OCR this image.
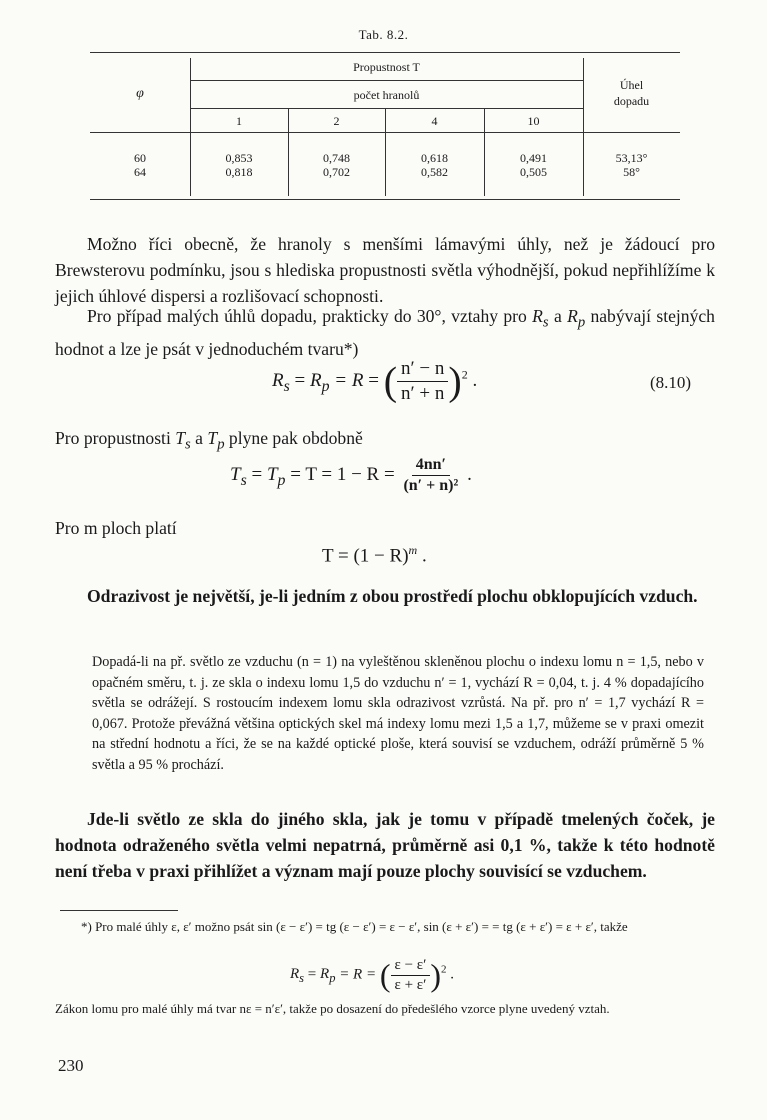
Tab. 8.2.
φ
Propustnost T
počet hranolů
Úhel
dopadu
1	2	4	10
60	0,853	0,748	0,618	0,491	53,13°
64	0,818	0,702	0,582	0,505	58°
Možno říci obecně, že hranoly s menšími lámavými úhly, než je žádoucí pro Brewsterovu podmínku, jsou s hlediska propustnosti světla výhodnější, pokud nepřihlížíme k jejich úhlové dispersi a rozlišovací schopnosti.
Pro případ malých úhlů dopadu, prakticky do 30°, vztahy pro $R_s$ a $R_p$ nabývají stejných hodnot a lze je psát v jednoduchém tvaru*)
$R_s = R_p = R$ = ( $\frac{n' - n}{n' + n} )^2$ .	(8.10)
Pro propustnosti $T_s$ a $T_p$ plyne pak obdobně
$T_s = T_p = T = 1 - R = \frac{4nn'}{\text{(n′ + n)²}}$ .
Pro m ploch platí
$T = (1 - R)^m$ .
Odrazivost je největší, je-li jedním z obou prostředí plochu obklopujících vzduch.
Dopadá-li na př. světlo ze vzduchu (n = 1) na vyleštěnou skleněnou plochu o indexu lomu n = 1,5, nebo v opačném směru, t. j. ze skla o indexu lomu 1,5 do vzduchu n′ = 1, vychází R = 0,04, t. j. 4 % dopadajícího světla se odrážejí. S rostoucím indexem lomu skla odrazivost vzrůstá. Na př. pro n′ = 1,7 vychází R = 0,067. Protože převážná většina optických skel má indexy lomu mezi 1,5 a 1,7, můžeme se v praxi omezit na střední hodnotu a říci, že se na každé optické ploše, která souvisí se vzduchem, odráží průměrně 5 % světla a 95 % prochází.
Jde-li světlo ze skla do jiného skla, jak je tomu v případě tmelených čoček, je hodnota odraženého světla velmi nepatrná, průměrně asi 0,1 %, takže k této hodnotě není třeba v praxi přihlížet a význam mají pouze plochy souvisící se vzduchem.
*) Pro malé úhly ε, ε′ možno psát sin (ε − ε′) = tg (ε − ε′) = ε − ε′, sin (ε + ε′) = = tg (ε + ε′) = ε + ε′, takže
$R_s = R_p = R$ = ( $\frac{\varepsilon - \varepsilon'}{\varepsilon + \varepsilon'} )^2$ .
Zákon lomu pro malé úhly má tvar nε = n′ε′, takže po dosazení do předešlého vzorce plyne uvedený vztah.
230
